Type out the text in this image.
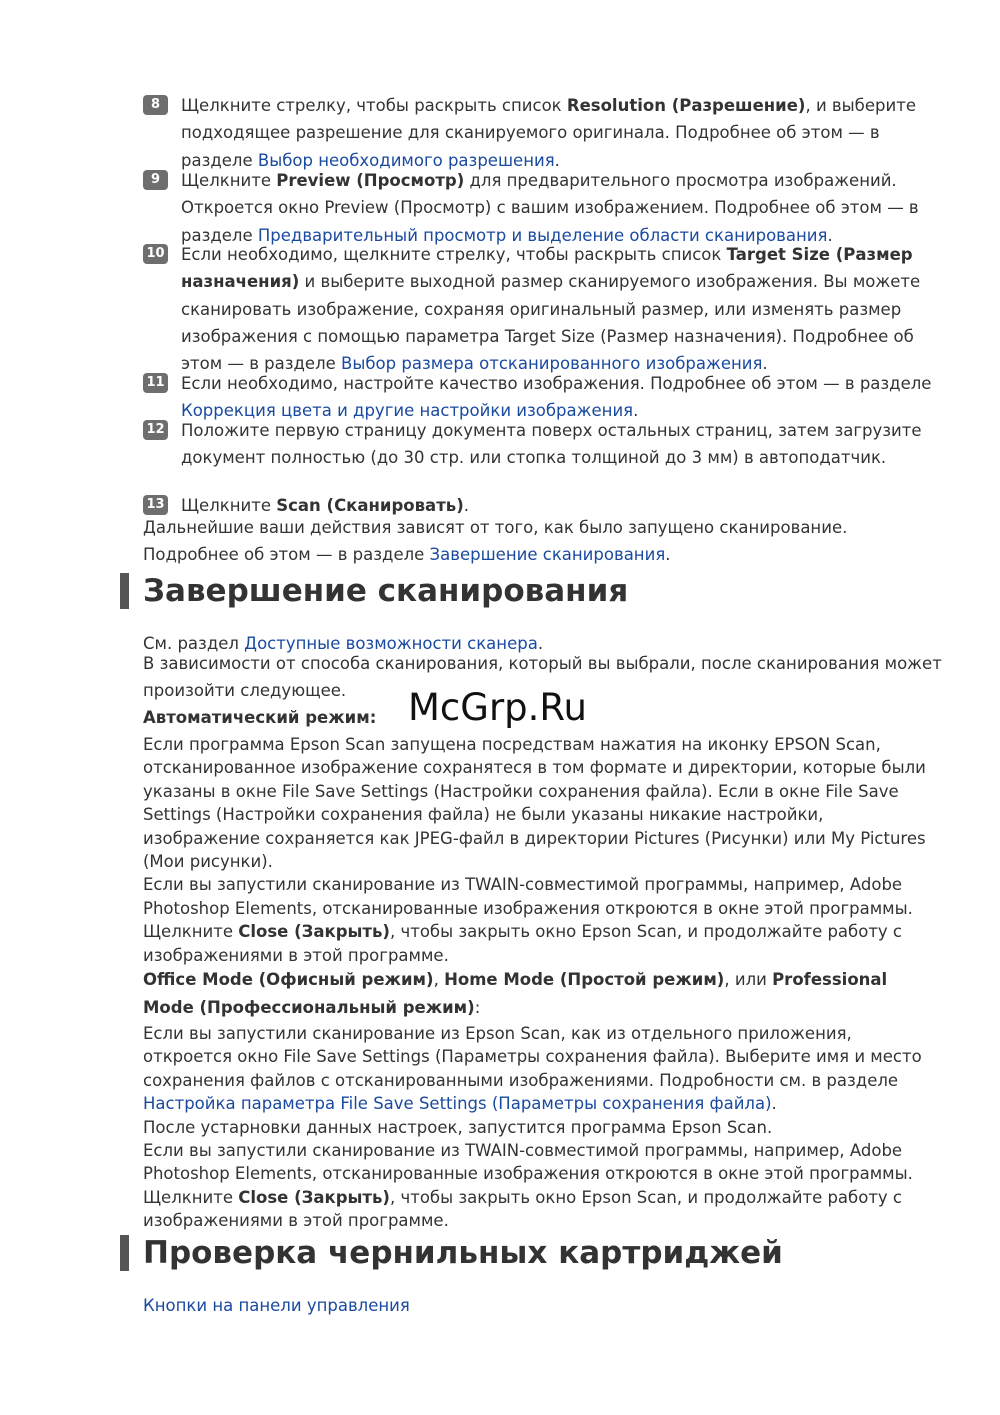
8	Щелкните стрелку, чтобы раскрыть список Resolution (Разрешение), и выберите подходящее разрешение для сканируемого оригинала. Подробнее об этом — в разделе Выбор необходимого разрешения.
9	Щелкните Preview (Просмотр) для предварительного просмотра изображений. Откроется окно Preview (Просмотр) с вашим изображением. Подробнее об этом — в разделе Предварительный просмотр и выделение области сканирования.
10 Если необходимо, щелкните стрелку, чтобы раскрыть список Target Size (Размер назначения) и выберите выходной размер сканируемого изображения. Вы можете сканировать изображение, сохраняя оригинальный размер, или изменять размер изображения с помощью параметра Target Size (Размер назначения). Подробнее об этом — в разделе Выбор размера отсканированного изображения.
11 Если необходимо, настройте качество изображения. Подробнее об этом — в разделе Коррекция цвета и другие настройки изображения.
12 Положите первую страницу документа поверх остальных страниц, затем загрузите документ полностью (до 30 стр. или стопка толщиной до 3 мм) в автоподатчик.
13 Щелкните Scan (Сканировать).
Дальнейшие ваши действия зависят от того, как было запущено сканирование.
Подробнее об этом — в разделе Завершение сканирования.
Завершение сканирования
См. раздел Доступные возможности сканера.
В зависимости от способа сканирования, который вы выбрали, после сканирования может произойти следующее.
Автоматический режим:
Если программа Epson Scan запущена посредствам нажатия на иконку EPSON Scan, отсканированное изображение сохранятеся в том формате и директории, которые были указаны в окне File Save Settings (Настройки сохранения файла). Если в окне File Save Settings (Настройки сохранения файла) не были указаны никакие настройки, изображение сохраняется как JPEG-файл в директории Pictures (Рисунки) или My Pictures (Мои рисунки).
Если вы запустили сканирование из TWAIN-совместимой программы, например, Adobe Photoshop Elements, отсканированные изображения откроются в окне этой программы.
Щелкните Close (Закрыть), чтобы закрыть окно Epson Scan, и продолжайте работу с изображениями в этой программе.
Office Mode (Офисный режим), Home Mode (Простой режим), или Professional Mode (Профессиональный режим):
Если вы запустили сканирование из Epson Scan, как из отдельного приложения, откроется окно File Save Settings (Параметры сохранения файла). Выберите имя и место сохранения файлов с отсканированными изображениями. Подробности см. в разделе Настройка параметра File Save Settings (Параметры сохранения файла).
После устарновки данных настроек, запустится программа Epson Scan.
Если вы запустили сканирование из TWAIN-совместимой программы, например, Adobe Photoshop Elements, отсканированные изображения откроются в окне этой программы.
Щелкните Close (Закрыть), чтобы закрыть окно Epson Scan, и продолжайте работу с изображениями в этой программе.
Проверка чернильных картриджей
Кнопки на панели управления
McGrp.Ru
